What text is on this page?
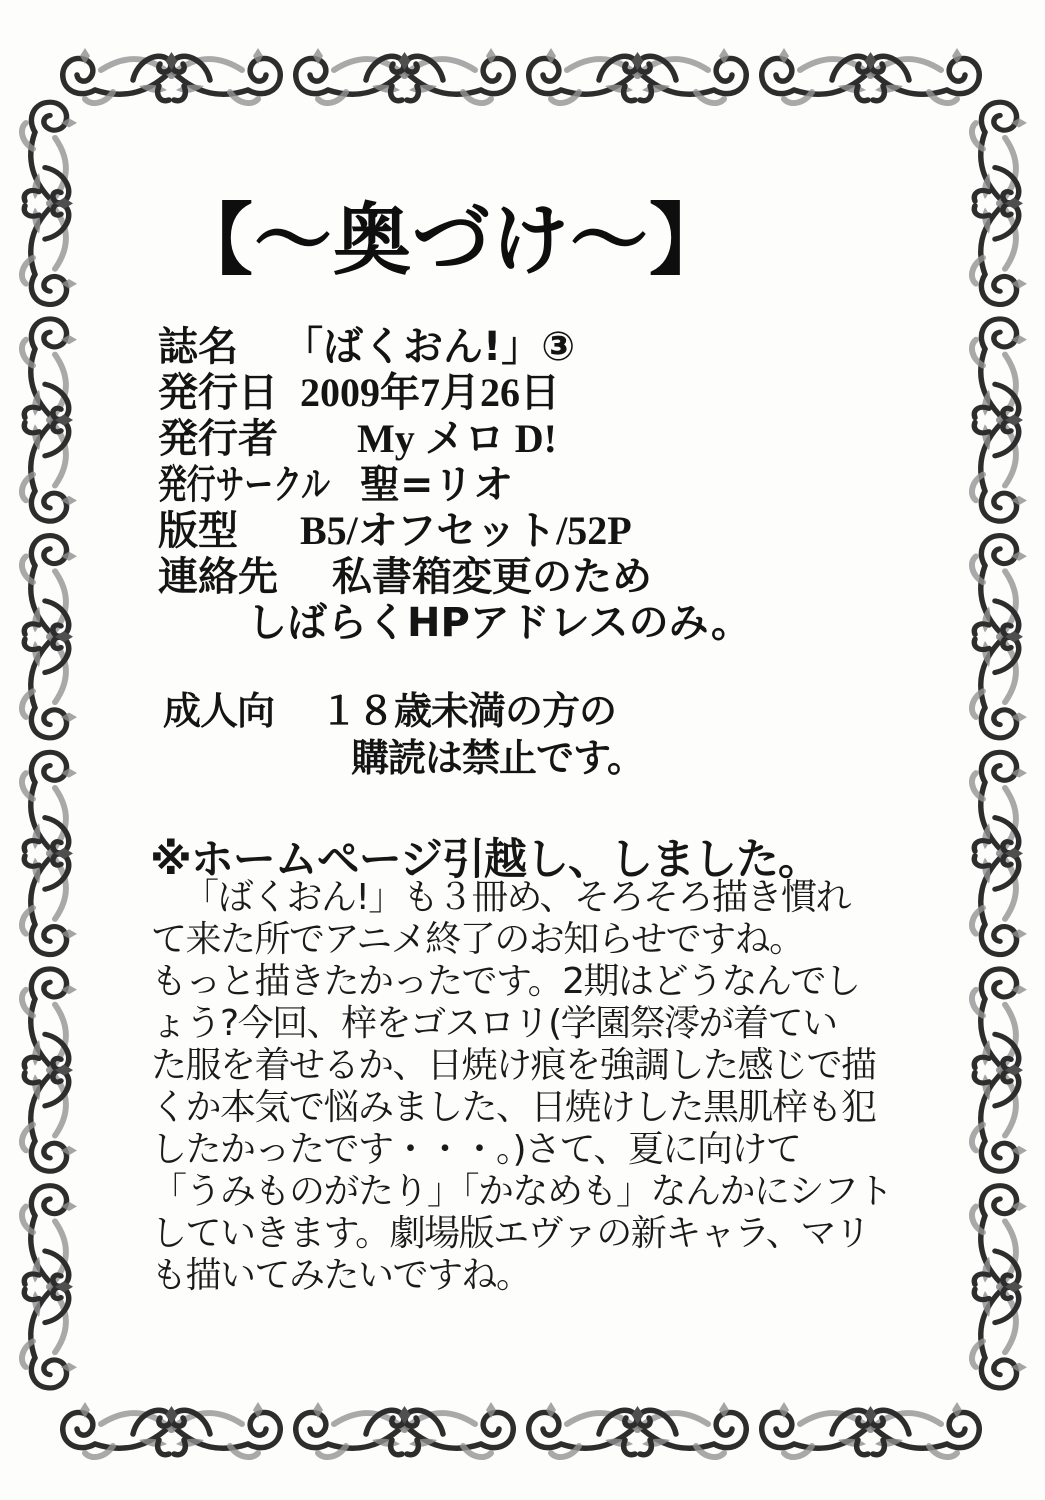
【〜奥づけ〜】
誌名 「ばくおん!」③
発行日 2009年7月26日
発行者 My メロ D!
発行サークル 聖=リオ
版型 B5/オフセット/52P
連絡先 私書箱変更のため
しばらくHPアドレスのみ。
成人向 １８歳未満の方の
購読は禁止です。
※ホームページ引越し、しました。
「ばくおん!」も３冊め、そろそろ描き慣れ
て来た所でアニメ終了のお知らせですね。
もっと描きたかったです。2期はどうなんでし
ょう?今回、梓をゴスロリ(学園祭澪が着てい
た服を着せるか、日焼け痕を強調した感じで描
くか本気で悩みました、日焼けした黒肌梓も犯
したかったです・・・。)さて、夏に向けて
「うみものがたり」「かなめも」なんかにシフト
していきます。劇場版エヴァの新キャラ、マリ
も描いてみたいですね。
